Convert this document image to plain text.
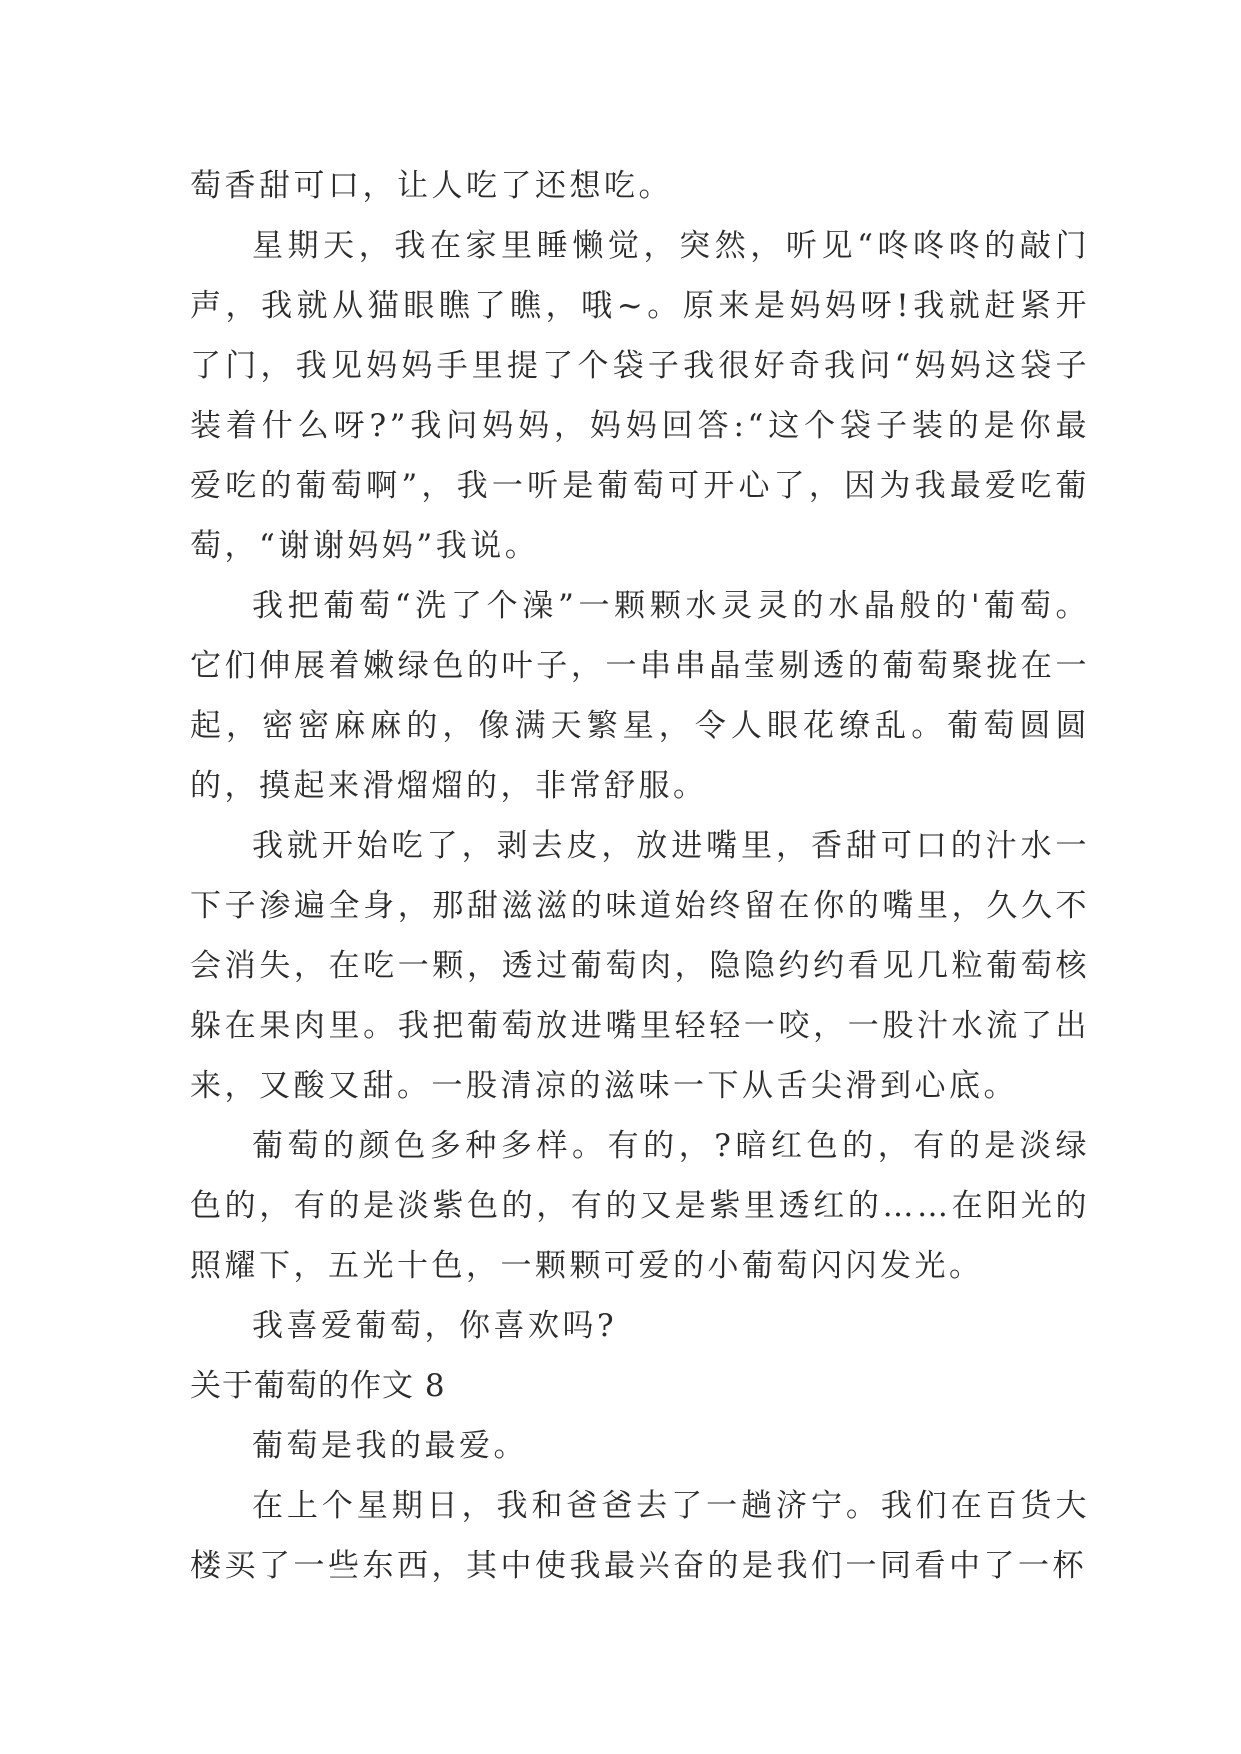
萄香甜可口，让人吃了还想吃。

星期天，我在家里睡懒觉，突然，听见“咚咚咚的敲门声，我就从猫眼瞧了瞧，哦~。原来是妈妈呀!我就赶紧开了门，我见妈妈手里提了个袋子我很好奇我问“妈妈这袋子装着什么呀?”我问妈妈，妈妈回答:“这个袋子装的是你最爱吃的葡萄啊”，我一听是葡萄可开心了，因为我最爱吃葡萄，“谢谢妈妈”我说。

我把葡萄“洗了个澡”一颗颗水灵灵的水晶般的'葡萄。它们伸展着嫩绿色的叶子，一串串晶莹剔透的葡萄聚拢在一起，密密麻麻的，像满天繁星，令人眼花缭乱。葡萄圆圆的，摸起来滑熘熘的，非常舒服。

我就开始吃了，剥去皮，放进嘴里，香甜可口的汁水一下子渗遍全身，那甜滋滋的味道始终留在你的嘴里，久久不会消失，在吃一颗，透过葡萄肉，隐隐约约看见几粒葡萄核躲在果肉里。我把葡萄放进嘴里轻轻一咬，一股汁水流了出来，又酸又甜。一股清凉的滋味一下从舌尖滑到心底。

葡萄的颜色多种多样。有的，?暗红色的，有的是淡绿色的，有的是淡紫色的，有的又是紫里透红的……在阳光的照耀下，五光十色，一颗颗可爱的小葡萄闪闪发光。

我喜爱葡萄，你喜欢吗?

关于葡萄的作文 8

葡萄是我的最爱。

在上个星期日，我和爸爸去了一趟济宁。我们在百货大楼买了一些东西，其中使我最兴奋的是我们一同看中了一杯
